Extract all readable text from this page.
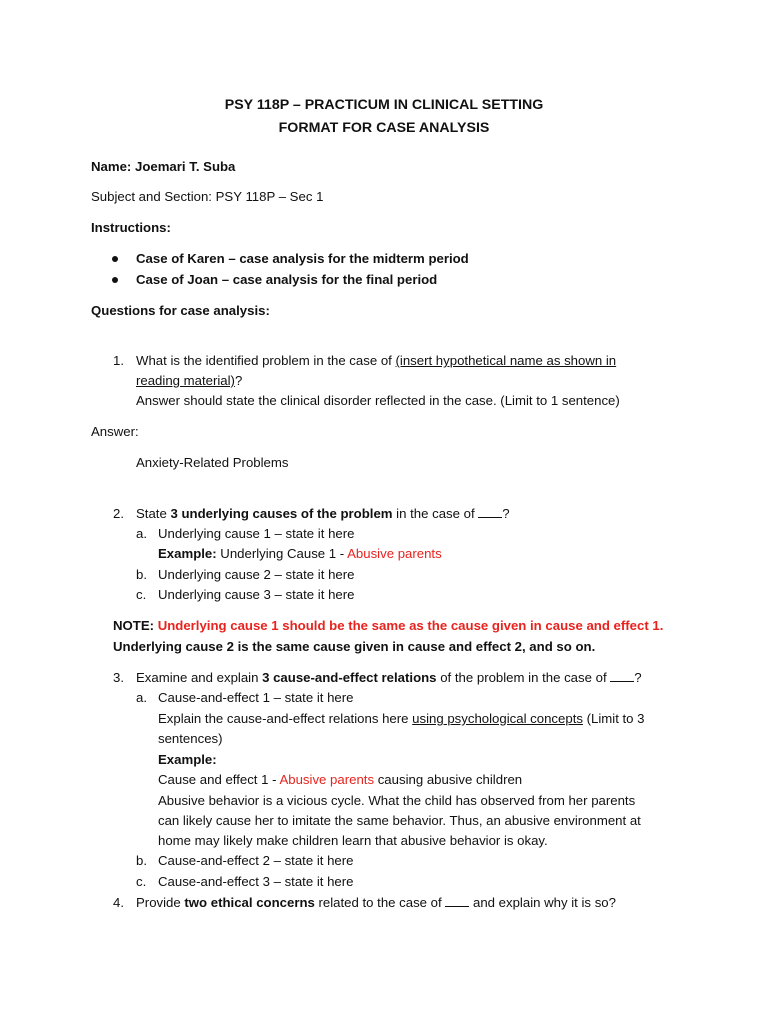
PSY 118P – PRACTICUM IN CLINICAL SETTING
FORMAT FOR CASE ANALYSIS
Name: Joemari T. Suba
Subject and Section: PSY 118P – Sec 1
Instructions:
Case of Karen – case analysis for the midterm period
Case of Joan – case analysis for the final period
Questions for case analysis:
1. What is the identified problem in the case of (insert hypothetical name as shown in
reading material)?
Answer should state the clinical disorder reflected in the case. (Limit to 1 sentence)
Answer:
Anxiety-Related Problems
2. State 3 underlying causes of the problem in the case of ?
a. Underlying cause 1 – state it here
Example: Underlying Cause 1 - Abusive parents
b. Underlying cause 2 – state it here
c. Underlying cause 3 – state it here
NOTE: Underlying cause 1 should be the same as the cause given in cause and effect 1.
Underlying cause 2 is the same cause given in cause and effect 2, and so on.
3. Examine and explain 3 cause-and-effect relations of the problem in the case of ?
a. Cause-and-effect 1 – state it here
Explain the cause-and-effect relations here using psychological concepts (Limit to 3
sentences)
Example:
Cause and effect 1 - Abusive parents causing abusive children
Abusive behavior is a vicious cycle. What the child has observed from her parents
can likely cause her to imitate the same behavior. Thus, an abusive environment at
home may likely make children learn that abusive behavior is okay.
b. Cause-and-effect 2 – state it here
c. Cause-and-effect 3 – state it here
4. Provide two ethical concerns related to the case of  and explain why it is so?
